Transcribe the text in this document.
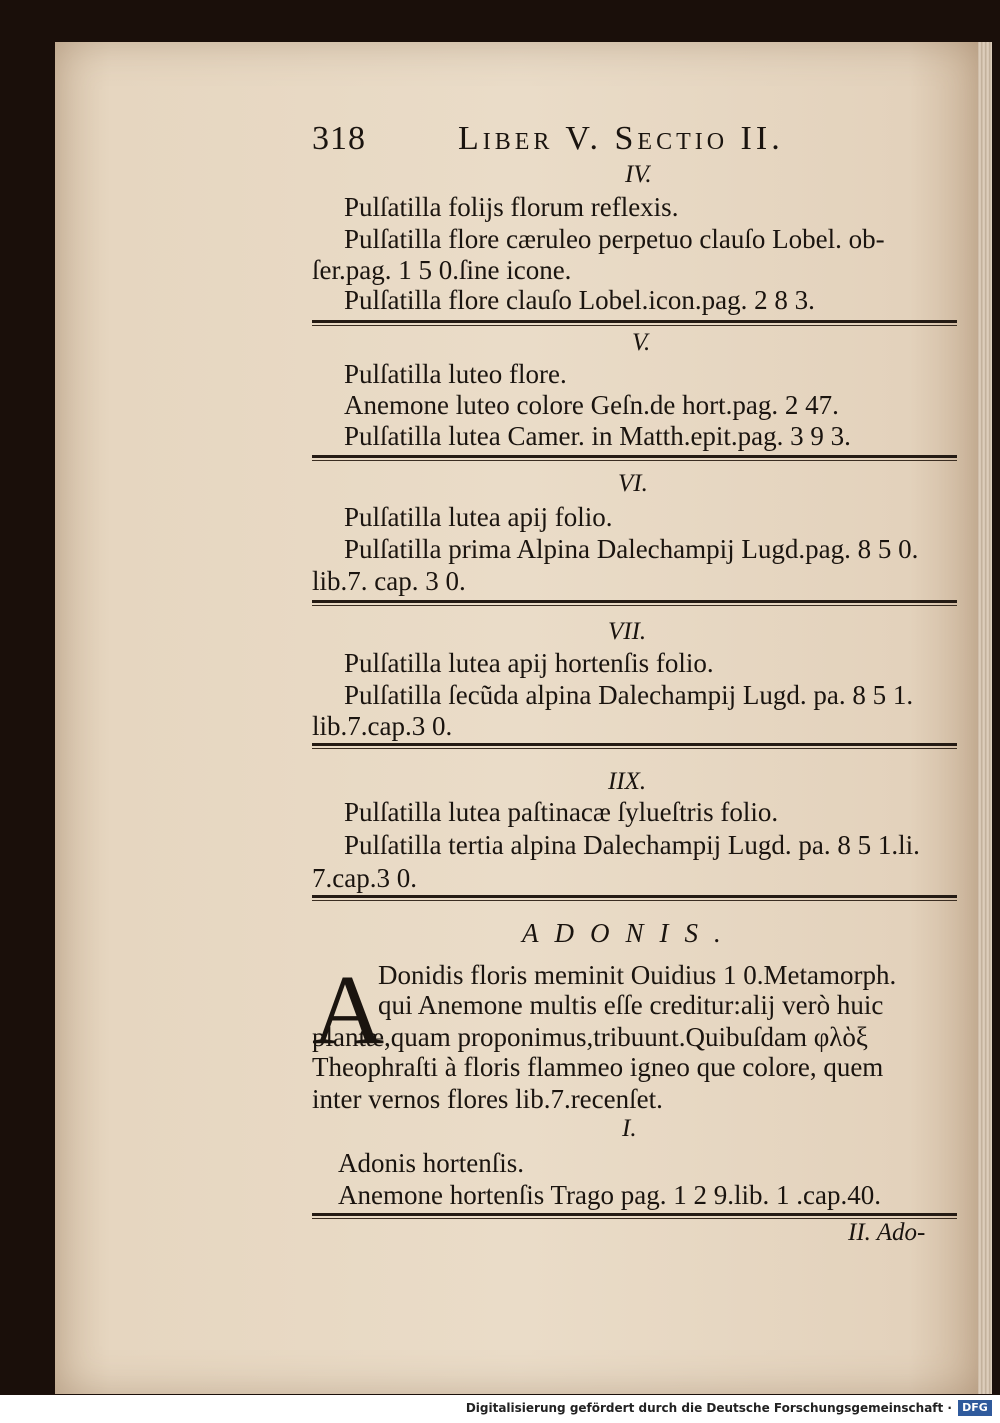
318	Liber V. Sectio II.
IV.
Pulſatilla folijs florum reflexis.
Pulſatilla flore cæruleo perpetuo clauſo Lobel. ob-
ſer.pag. 1 5 0.ſine icone.
Pulſatilla flore clauſo Lobel.icon.pag. 2 8 3.
V.
Pulſatilla luteo flore.
Anemone luteo colore Geſn.de hort.pag. 2 47.
Pulſatilla lutea Camer. in Matth.epit.pag. 3 9 3.
VI.
Pulſatilla lutea apij folio.
Pulſatilla prima Alpina Dalechampij Lugd.pag. 8 5 0.
lib.7. cap. 3 0.
VII.
Pulſatilla lutea apij hortenſis folio.
Pulſatilla ſecũda alpina Dalechampij Lugd. pa. 8 5 1.
lib.7.cap.3 0.
IIX.
Pulſatilla lutea paſtinacæ ſylueſtris folio.
Pulſatilla tertia alpina Dalechampij Lugd. pa. 8 5 1.li.
7.cap.3 0.
ADONIS.
A
Donidis floris meminit Ouidius 1 0.Metamorph.
qui Anemone multis eſſe creditur:alij verò huic
plantæ,quam proponimus,tribuunt.Quibuſdam φλὸξ
Theophraſti à floris flammeo igneo que colore, quem
inter vernos flores lib.7.recenſet.
I.
Adonis hortenſis.
Anemone hortenſis Trago pag. 1 2 9.lib. 1 .cap.40.
II. Ado-
Digitalisierung gefördert durch die Deutsche Forschungsgemeinschaft · DFG
